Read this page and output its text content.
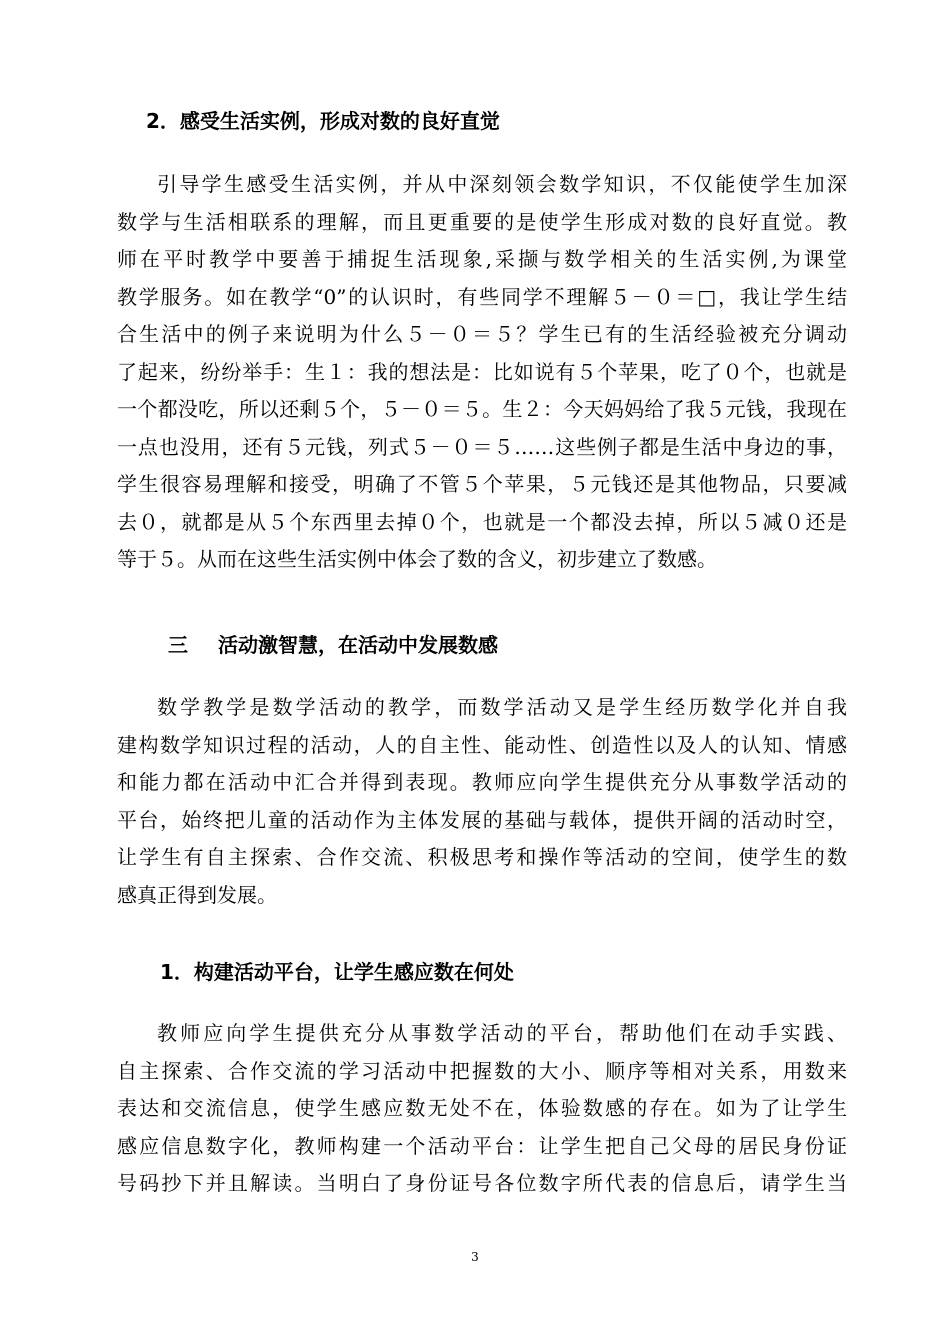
2．感受生活实例，形成对数的良好直觉

引导学生感受生活实例，并从中深刻领会数学知识，不仅能使学生加深
数学与生活相联系的理解，而且更重要的是使学生形成对数的良好直觉。教
师在平时教学中要善于捕捉生活现象,采撷与数学相关的生活实例,为课堂
教学服务。如在教学“0”的认识时，有些同学不理解５－０＝□，我让学生结
合生活中的例子来说明为什么５－０＝５？学生已有的生活经验被充分调动
了起来，纷纷举手：生１：我的想法是：比如说有５个苹果，吃了０个，也就是
一个都没吃，所以还剩５个，５－０＝５。生２：今天妈妈给了我５元钱，我现在
一点也没用，还有５元钱，列式５－０＝５……这些例子都是生活中身边的事，
学生很容易理解和接受，明确了不管５个苹果，５元钱还是其他物品，只要减
去０，就都是从５个东西里去掉０个，也就是一个都没去掉，所以５减０还是
等于５。从而在这些生活实例中体会了数的含义，初步建立了数感。

三 活动激智慧，在活动中发展数感

数学教学是数学活动的教学，而数学活动又是学生经历数学化并自我
建构数学知识过程的活动，人的自主性、能动性、创造性以及人的认知、情感
和能力都在活动中汇合并得到表现。教师应向学生提供充分从事数学活动的
平台，始终把儿童的活动作为主体发展的基础与载体，提供开阔的活动时空，
让学生有自主探索、合作交流、积极思考和操作等活动的空间，使学生的数
感真正得到发展。

1．构建活动平台，让学生感应数在何处

教师应向学生提供充分从事数学活动的平台，帮助他们在动手实践、
自主探索、合作交流的学习活动中把握数的大小、顺序等相对关系，用数来
表达和交流信息，使学生感应数无处不在，体验数感的存在。如为了让学生
感应信息数字化，教师构建一个活动平台：让学生把自己父母的居民身份证
号码抄下并且解读。当明白了身份证号各位数字所代表的信息后，请学生当

3
